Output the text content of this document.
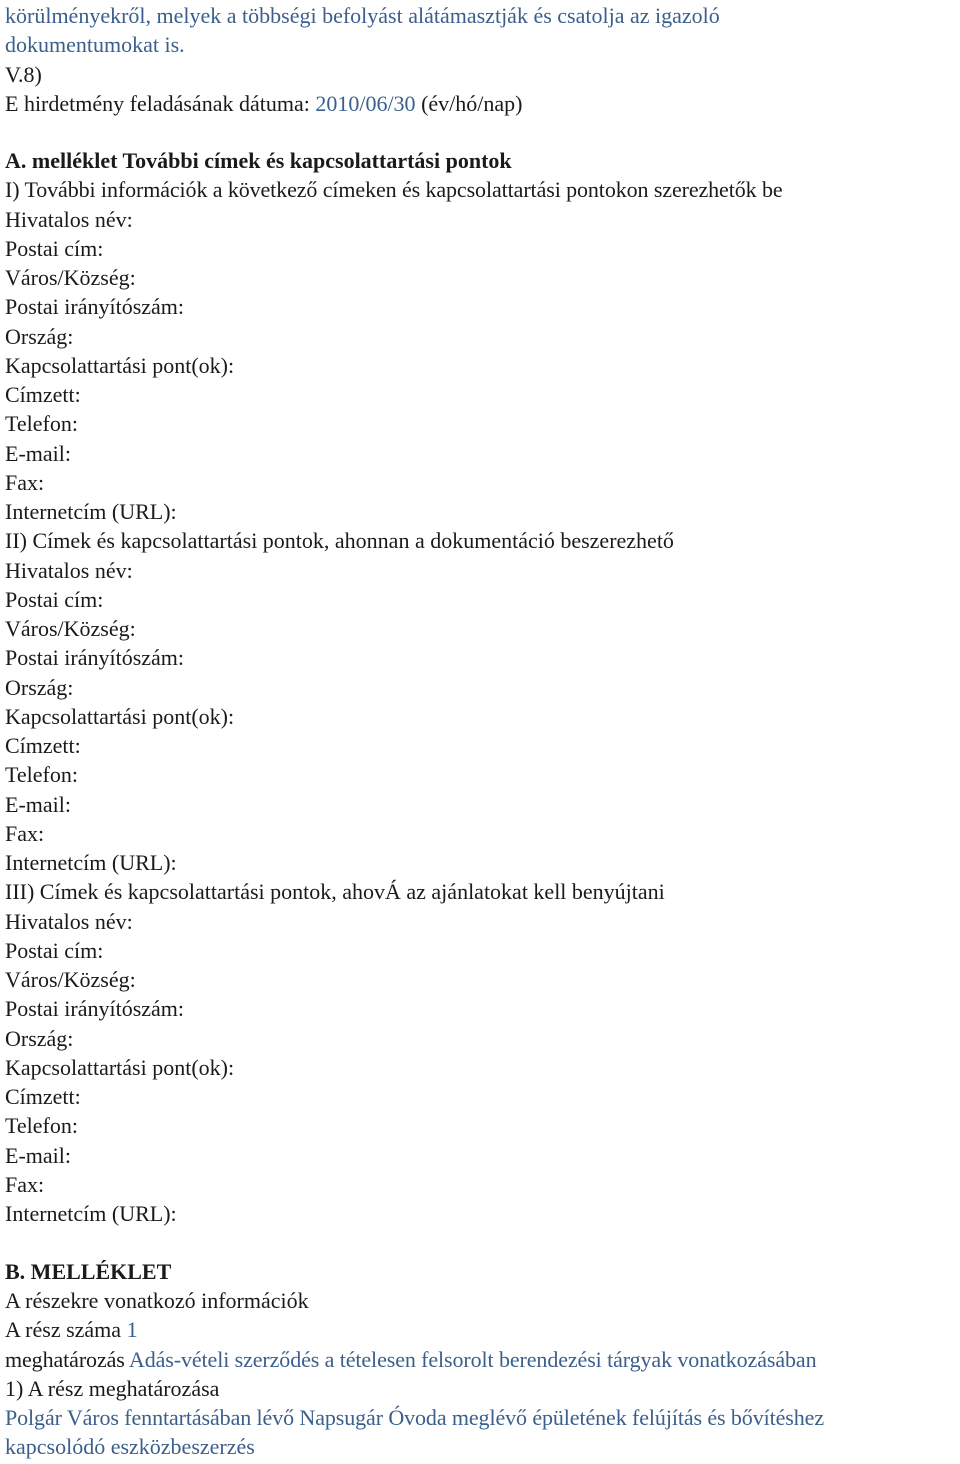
körülményekről, melyek a többségi befolyást alátámasztják és csatolja az igazoló
dokumentumokat is.
V.8)
E hirdetmény feladásának dátuma: 2010/06/30 (év/hó/nap)
A. melléklet További címek és kapcsolattartási pontok
I) További információk a következő címeken és kapcsolattartási pontokon szerezhetők be
Hivatalos név:
Postai cím:
Város/Község:
Postai irányítószám:
Ország:
Kapcsolattartási pont(ok):
Címzett:
Telefon:
E-mail:
Fax:
Internetcím (URL):
II) Címek és kapcsolattartási pontok, ahonnan a dokumentáció beszerezhető
Hivatalos név:
Postai cím:
Város/Község:
Postai irányítószám:
Ország:
Kapcsolattartási pont(ok):
Címzett:
Telefon:
E-mail:
Fax:
Internetcím (URL):
III) Címek és kapcsolattartási pontok, ahovÁ az ajánlatokat kell benyújtani
Hivatalos név:
Postai cím:
Város/Község:
Postai irányítószám:
Ország:
Kapcsolattartási pont(ok):
Címzett:
Telefon:
E-mail:
Fax:
Internetcím (URL):
B. MELLÉKLET
A részekre vonatkozó információk
A rész száma 1
meghatározás Adás-vételi szerződés a tételesen felsorolt berendezési tárgyak vonatkozásában
1) A rész meghatározása
Polgár Város fenntartásában lévő Napsugár Óvoda meglévő épületének felújítás és bővítéshez
kapcsolódó eszközbeszerzés
